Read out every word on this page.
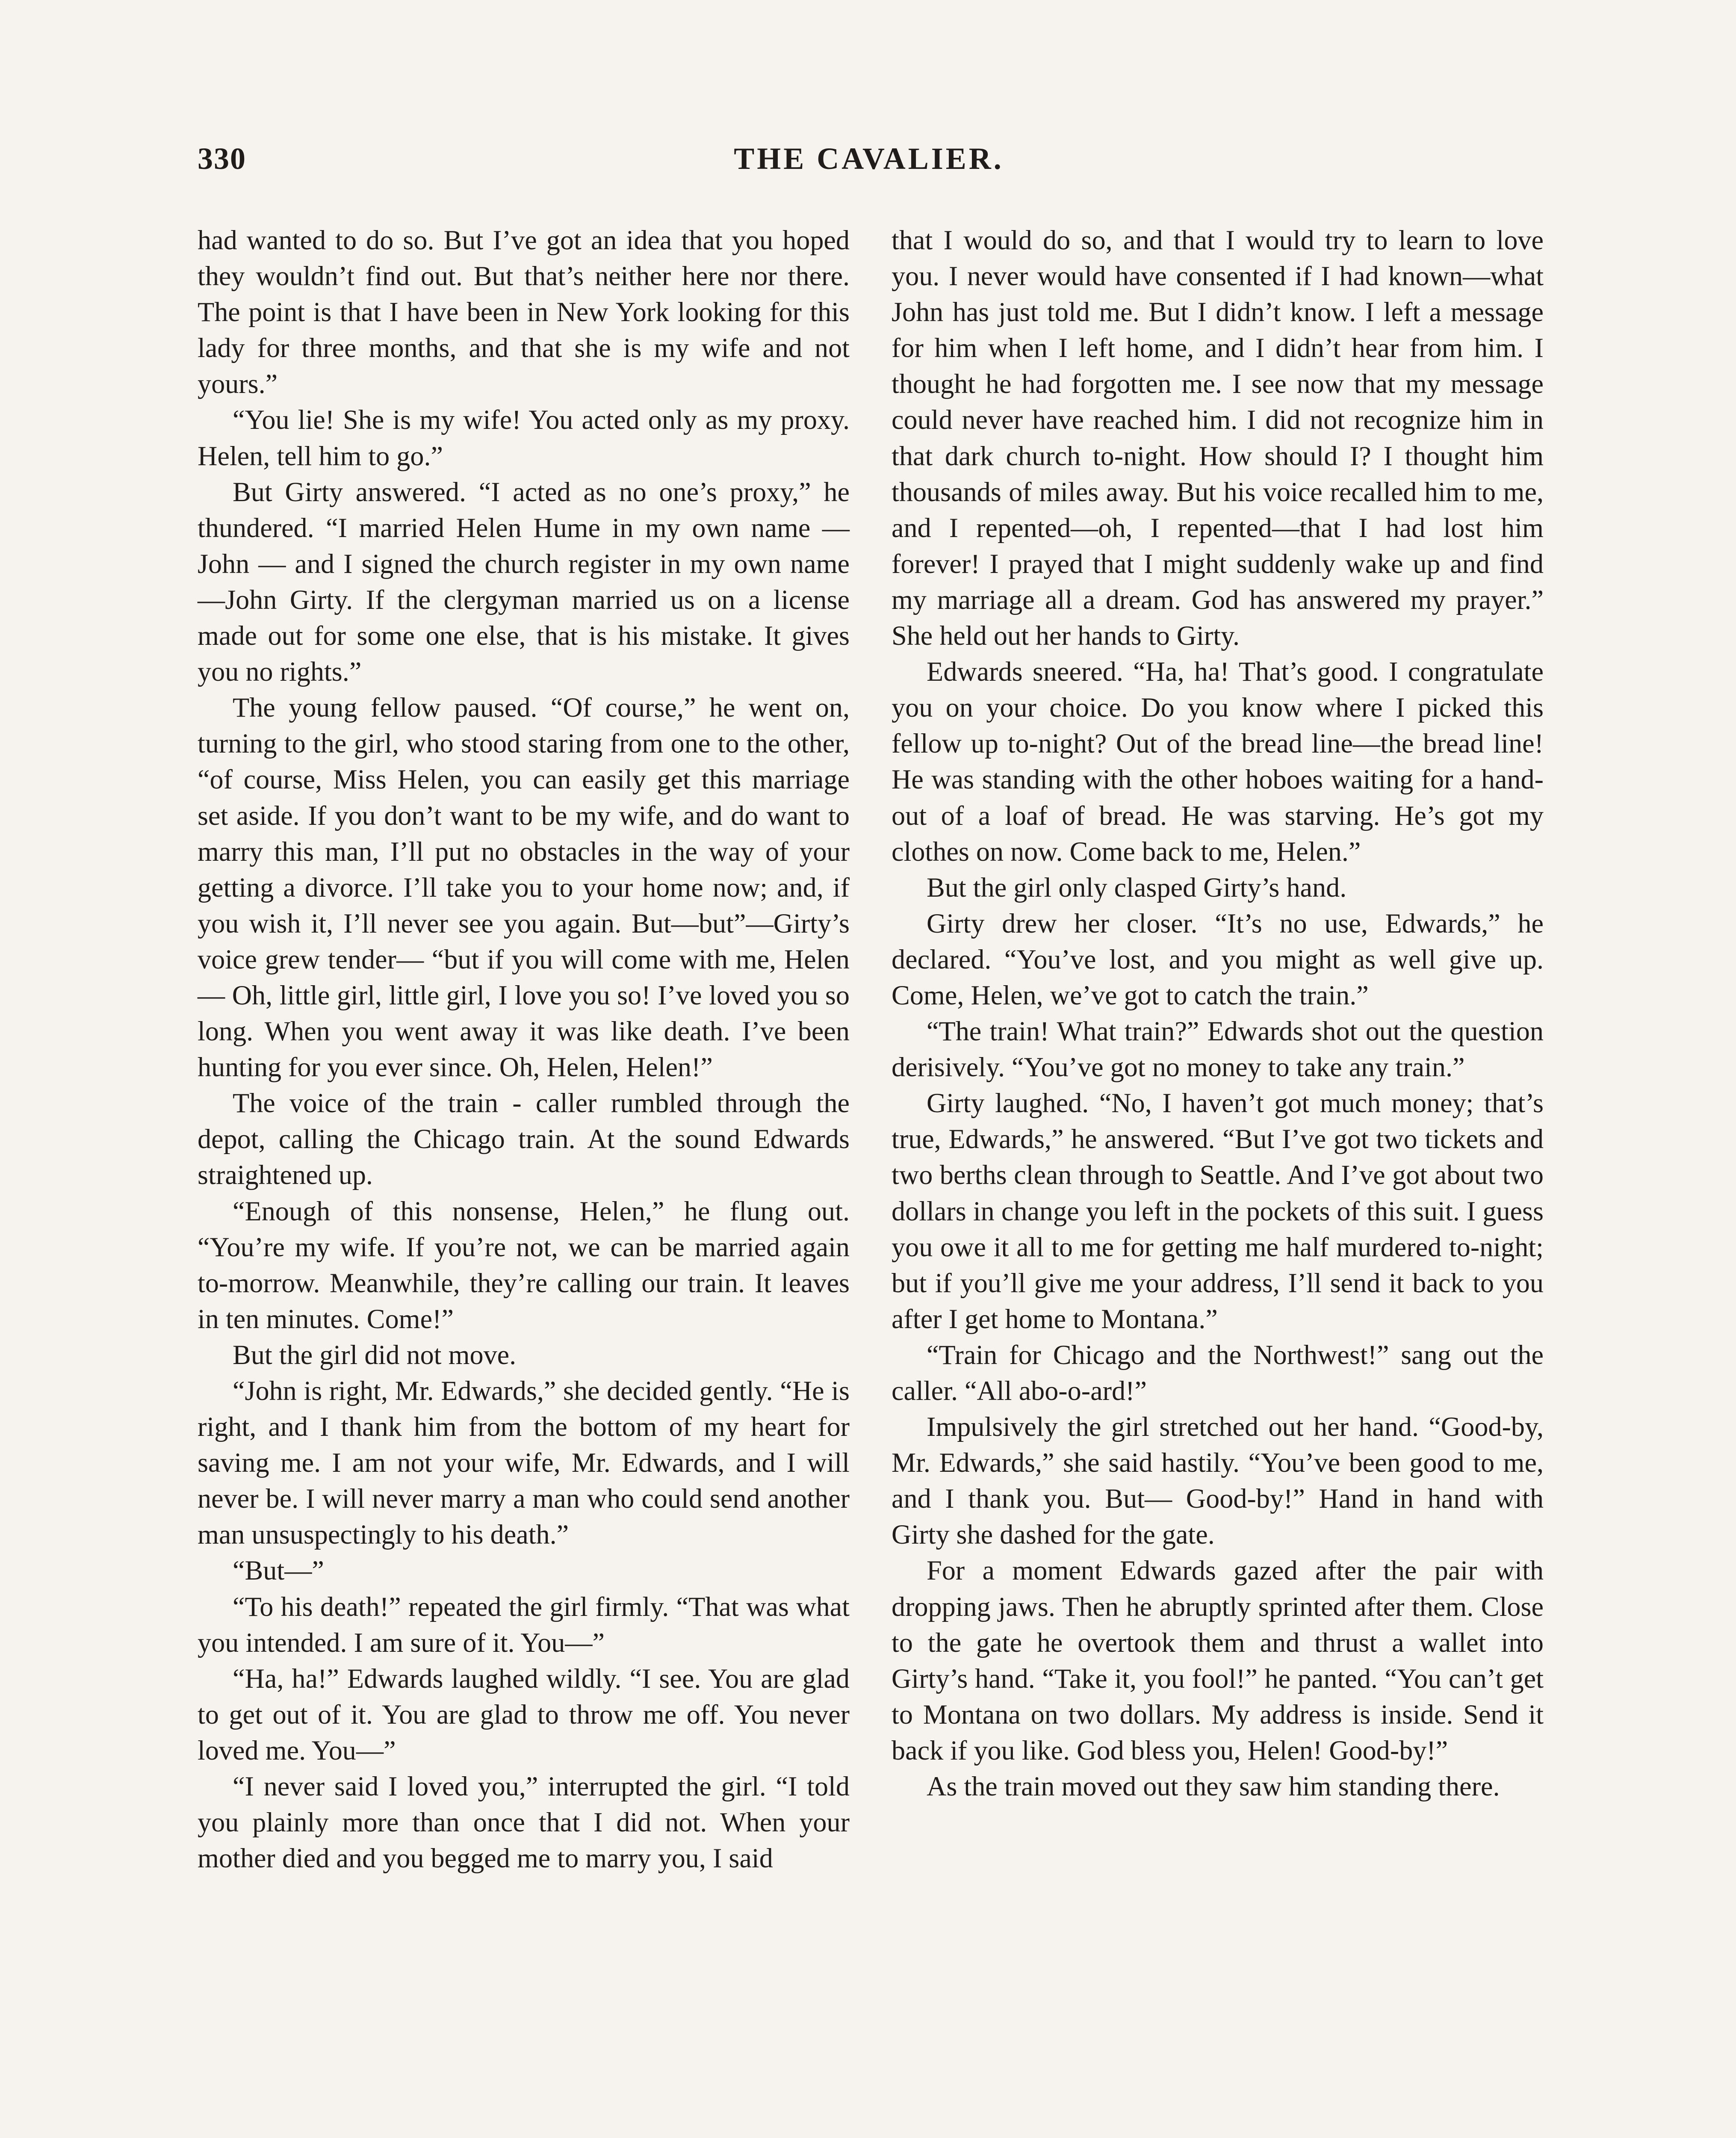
330	THE CAVALIER.

had wanted to do so. But I’ve got an idea that you hoped they wouldn’t find out. But that’s neither here nor there. The point is that I have been in New York looking for this lady for three months, and that she is my wife and not yours.”

“You lie! She is my wife! You acted only as my proxy. Helen, tell him to go.”

But Girty answered. “I acted as no one’s proxy,” he thundered. “I married Helen Hume in my own name — John — and I signed the church register in my own name —John Girty. If the clergyman married us on a license made out for some one else, that is his mistake. It gives you no rights.”

The young fellow paused. “Of course,” he went on, turning to the girl, who stood staring from one to the other, “of course, Miss Helen, you can easily get this marriage set aside. If you don’t want to be my wife, and do want to marry this man, I’ll put no obstacles in the way of your getting a divorce. I’ll take you to your home now; and, if you wish it, I’ll never see you again. But—but”—Girty’s voice grew tender— “but if you will come with me, Helen— Oh, little girl, little girl, I love you so! I’ve loved you so long. When you went away it was like death. I’ve been hunting for you ever since. Oh, Helen, Helen!”

The voice of the train - caller rumbled through the depot, calling the Chicago train. At the sound Edwards straightened up.

“Enough of this nonsense, Helen,” he flung out. “You’re my wife. If you’re not, we can be married again to-morrow. Meanwhile, they’re calling our train. It leaves in ten minutes. Come!”

But the girl did not move.

“John is right, Mr. Edwards,” she decided gently. “He is right, and I thank him from the bottom of my heart for saving me. I am not your wife, Mr. Edwards, and I will never be. I will never marry a man who could send another man unsuspectingly to his death.”

“But—”

“To his death!” repeated the girl firmly. “That was what you intended. I am sure of it. You—”

“Ha, ha!” Edwards laughed wildly. “I see. You are glad to get out of it. You are glad to throw me off. You never loved me. You—”

“I never said I loved you,” interrupted the girl. “I told you plainly more than once that I did not. When your mother died and you begged me to marry you, I said

that I would do so, and that I would try to learn to love you. I never would have consented if I had known—what John has just told me. But I didn’t know. I left a message for him when I left home, and I didn’t hear from him. I thought he had forgotten me. I see now that my message could never have reached him. I did not recognize him in that dark church to-night. How should I? I thought him thousands of miles away. But his voice recalled him to me, and I repented—oh, I repented—that I had lost him forever! I prayed that I might suddenly wake up and find my marriage all a dream. God has answered my prayer.” She held out her hands to Girty.

Edwards sneered. “Ha, ha! That’s good. I congratulate you on your choice. Do you know where I picked this fellow up to-night? Out of the bread line—the bread line! He was standing with the other hoboes waiting for a hand-out of a loaf of bread. He was starving. He’s got my clothes on now. Come back to me, Helen.”

But the girl only clasped Girty’s hand.

Girty drew her closer. “It’s no use, Edwards,” he declared. “You’ve lost, and you might as well give up. Come, Helen, we’ve got to catch the train.”

“The train! What train?” Edwards shot out the question derisively. “You’ve got no money to take any train.”

Girty laughed. “No, I haven’t got much money; that’s true, Edwards,” he answered. “But I’ve got two tickets and two berths clean through to Seattle. And I’ve got about two dollars in change you left in the pockets of this suit. I guess you owe it all to me for getting me half murdered to-night; but if you’ll give me your address, I’ll send it back to you after I get home to Montana.”

“Train for Chicago and the Northwest!” sang out the caller. “All abo-o-ard!”

Impulsively the girl stretched out her hand. “Good-by, Mr. Edwards,” she said hastily. “You’ve been good to me, and I thank you. But— Good-by!” Hand in hand with Girty she dashed for the gate.

For a moment Edwards gazed after the pair with dropping jaws. Then he abruptly sprinted after them. Close to the gate he overtook them and thrust a wallet into Girty’s hand. “Take it, you fool!” he panted. “You can’t get to Montana on two dollars. My address is inside. Send it back if you like. God bless you, Helen! Good-by!”

As the train moved out they saw him standing there.
